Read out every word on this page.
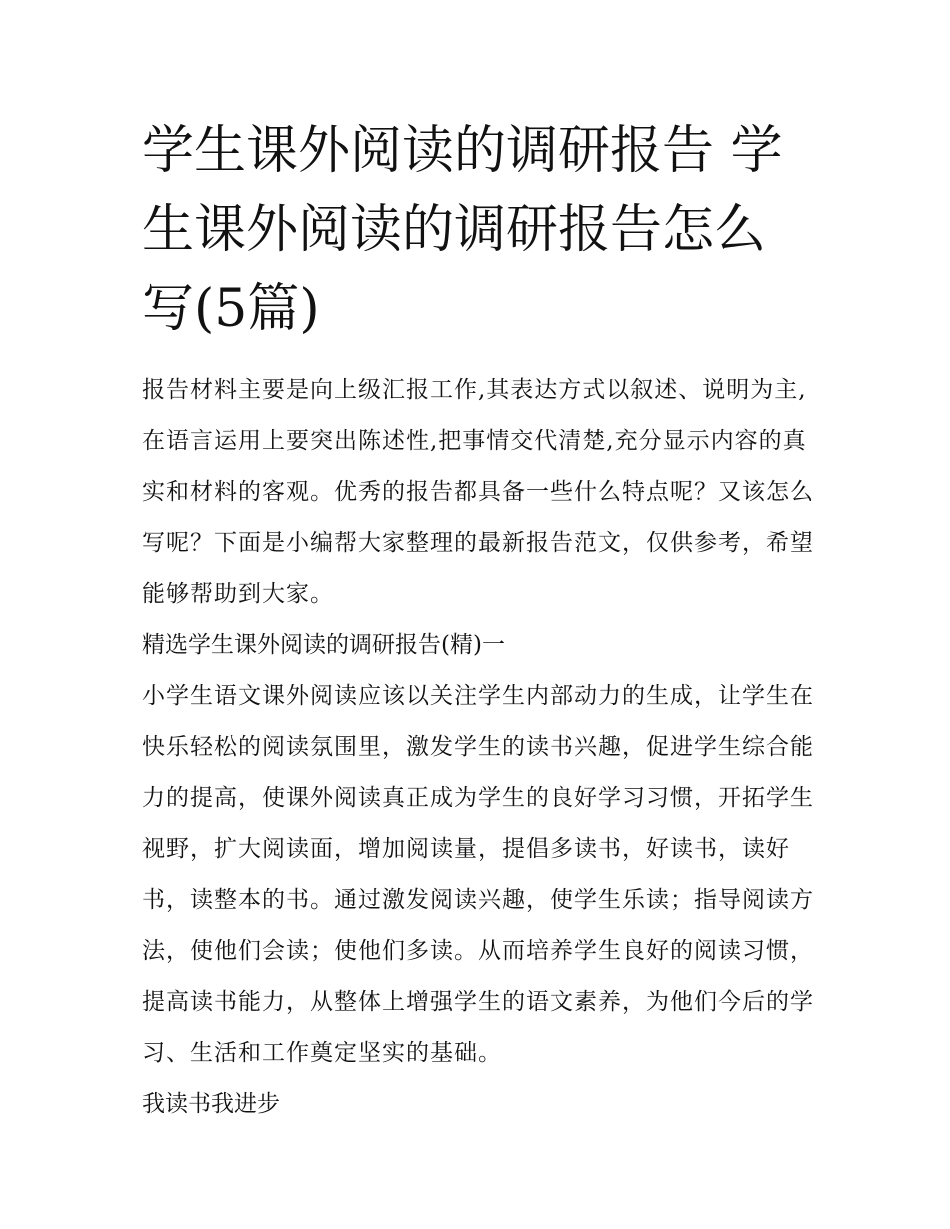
学生课外阅读的调研报告 学生课外阅读的调研报告怎么写(5篇)

报告材料主要是向上级汇报工作,其表达方式以叙述、说明为主,在语言运用上要突出陈述性,把事情交代清楚,充分显示内容的真实和材料的客观。优秀的报告都具备一些什么特点呢？又该怎么写呢？下面是小编帮大家整理的最新报告范文，仅供参考，希望能够帮助到大家。

精选学生课外阅读的调研报告(精)一

小学生语文课外阅读应该以关注学生内部动力的生成，让学生在快乐轻松的阅读氛围里，激发学生的读书兴趣，促进学生综合能力的提高，使课外阅读真正成为学生的良好学习习惯，开拓学生视野，扩大阅读面，增加阅读量，提倡多读书，好读书，读好书，读整本的书。通过激发阅读兴趣，使学生乐读；指导阅读方法，使他们会读；使他们多读。从而培养学生良好的阅读习惯，提高读书能力，从整体上增强学生的语文素养，为他们今后的学习、生活和工作奠定坚实的基础。

我读书我进步
